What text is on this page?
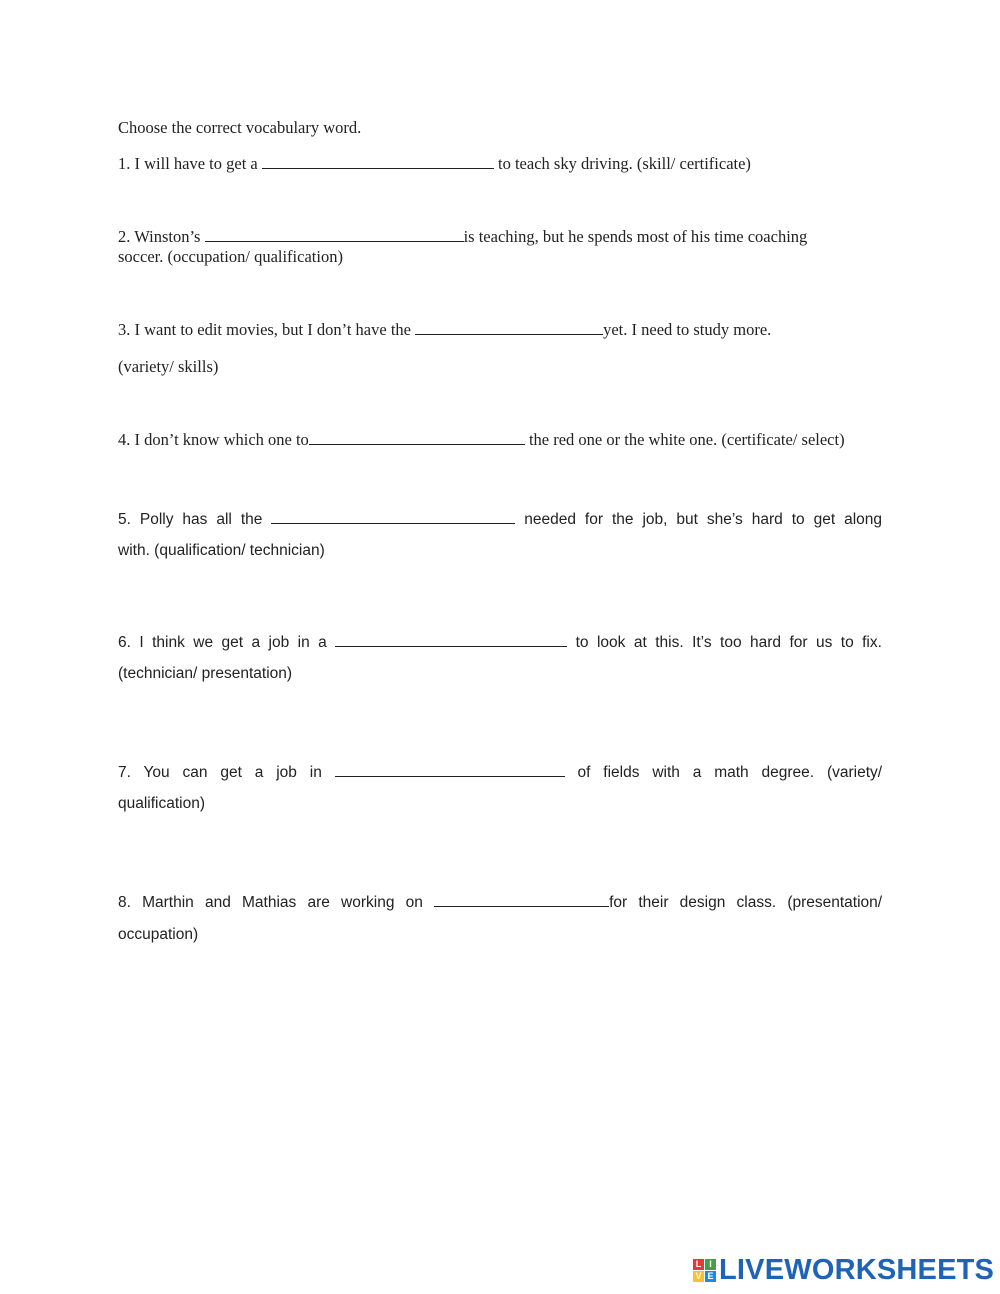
Choose the correct vocabulary word.
1. I will have to get a	to teach sky driving. (skill/ certificate)
2. Winston’s	is teaching, but he spends most of his time coaching
soccer. (occupation/ qualification)
3. I want to edit movies, but I don’t have the	yet. I need to study more.
(variety/ skills)
4. I don’t know which one to	the red one or the white one. (certificate/ select)
5. Polly has all the	needed for the job, but she’s hard to get along
with. (qualification/ technician)
6. I think we get a job in a	to look at this. It’s too hard for us to fix.
(technician/ presentation)
7. You can get a job in	of fields with a math degree. (variety/
qualification)
8. Marthin and Mathias are working on	for their design class. (presentation/
occupation)
L I
V E LIVEWORKSHEETS
